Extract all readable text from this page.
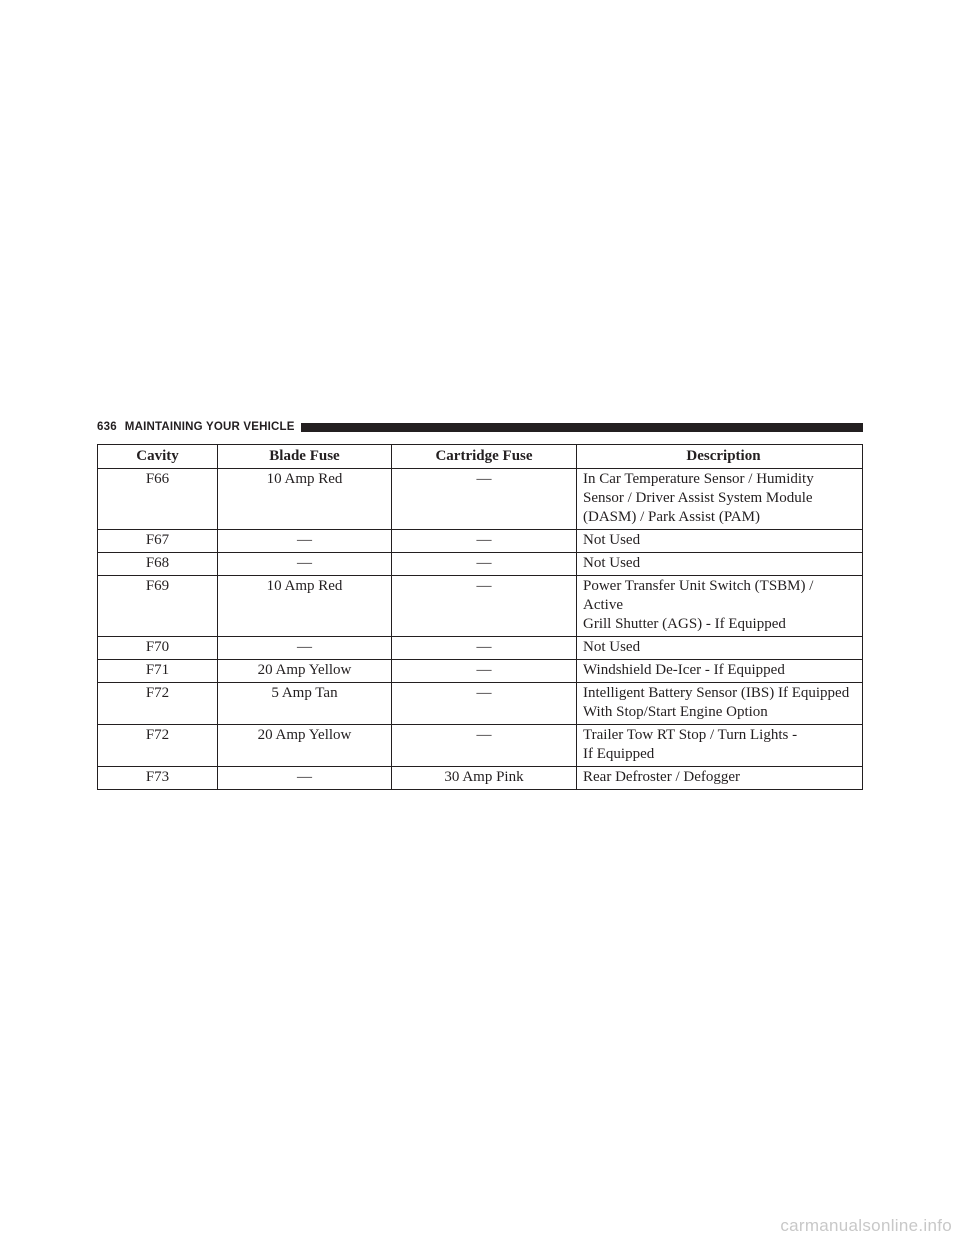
636 MAINTAINING YOUR VEHICLE
Cavity	Blade Fuse	Cartridge Fuse	Description
F66	10 Amp Red	—	In Car Temperature Sensor / Humidity
Sensor / Driver Assist System Module
(DASM) / Park Assist (PAM)

F67	—	—	Not Used

F68	—	—	Not Used

F69	10 Amp Red	—	Power Transfer Unit Switch (TSBM) / Active
Grill Shutter (AGS) - If Equipped

F70	—	—	Not Used

F71	20 Amp Yellow	—	Windshield De-Icer - If Equipped

F72	5 Amp Tan	—	Intelligent Battery Sensor (IBS) If Equipped
With Stop/Start Engine Option

F72	20 Amp Yellow	—	Trailer Tow RT Stop / Turn Lights -
If Equipped

F73	—	30 Amp Pink	Rear Defroster / Defogger
carmanualsonline.info
